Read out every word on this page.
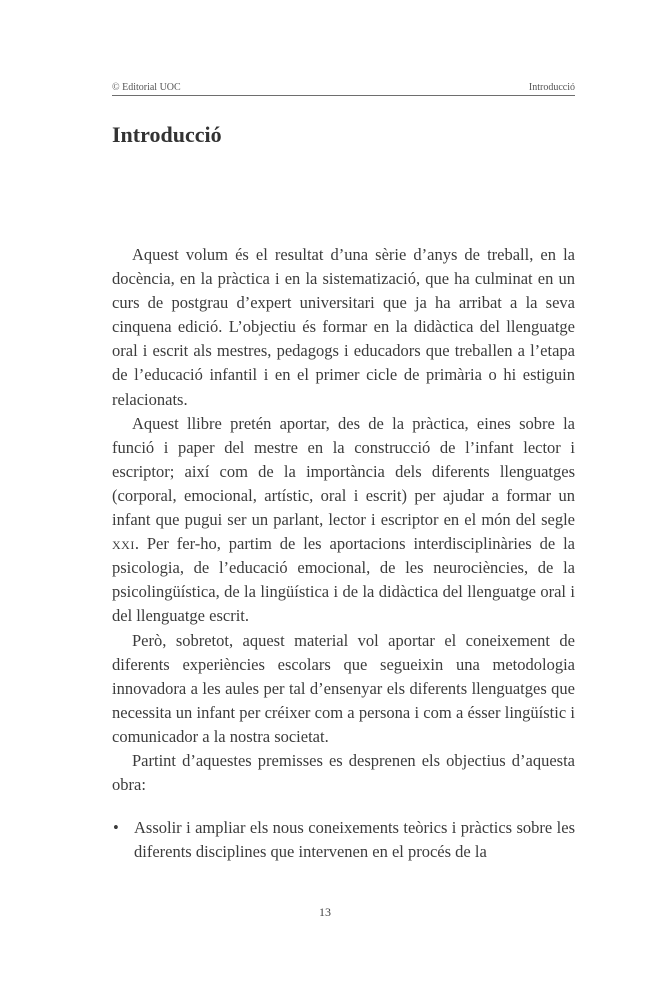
© Editorial UOC	Introducció
Introducció

Aquest volum és el resultat d’una sèrie d’anys de treball, en la docència, en la pràctica i en la sistematizació, que ha culminat en un curs de postgrau d’expert universitari que ja ha arribat a la seva cinquena edició. L’objectiu és formar en la didàctica del llenguatge oral i escrit als mestres, pedagogs i educadors que treballen a l’etapa de l’educació infantil i en el primer cicle de primària o hi estiguin relacionats.

Aquest llibre pretén aportar, des de la pràctica, eines sobre la funció i paper del mestre en la construcció de l’infant lector i escriptor; així com de la importància dels diferents llenguatges (corporal, emocional, artístic, oral i escrit) per ajudar a formar un infant que pugui ser un parlant, lector i escriptor en el món del segle xxi. Per fer-ho, partim de les aportacions interdisciplinàries de la psicologia, de l’educació emocional, de les neurociències, de la psicolingüística, de la lingüística i de la didàctica del llenguatge oral i del llenguatge escrit.

Però, sobretot, aquest material vol aportar el coneixement de diferents experiències escolars que segueixin una metodologia innovadora a les aules per tal d’ensenyar els diferents llenguatges que necessita un infant per créixer com a persona i com a ésser lingüístic i comunicador a la nostra societat.

Partint d’aquestes premisses es desprenen els objectius d’aquesta obra:

• Assolir i ampliar els nous coneixements teòrics i pràctics sobre les diferents disciplines que intervenen en el procés de la
13
